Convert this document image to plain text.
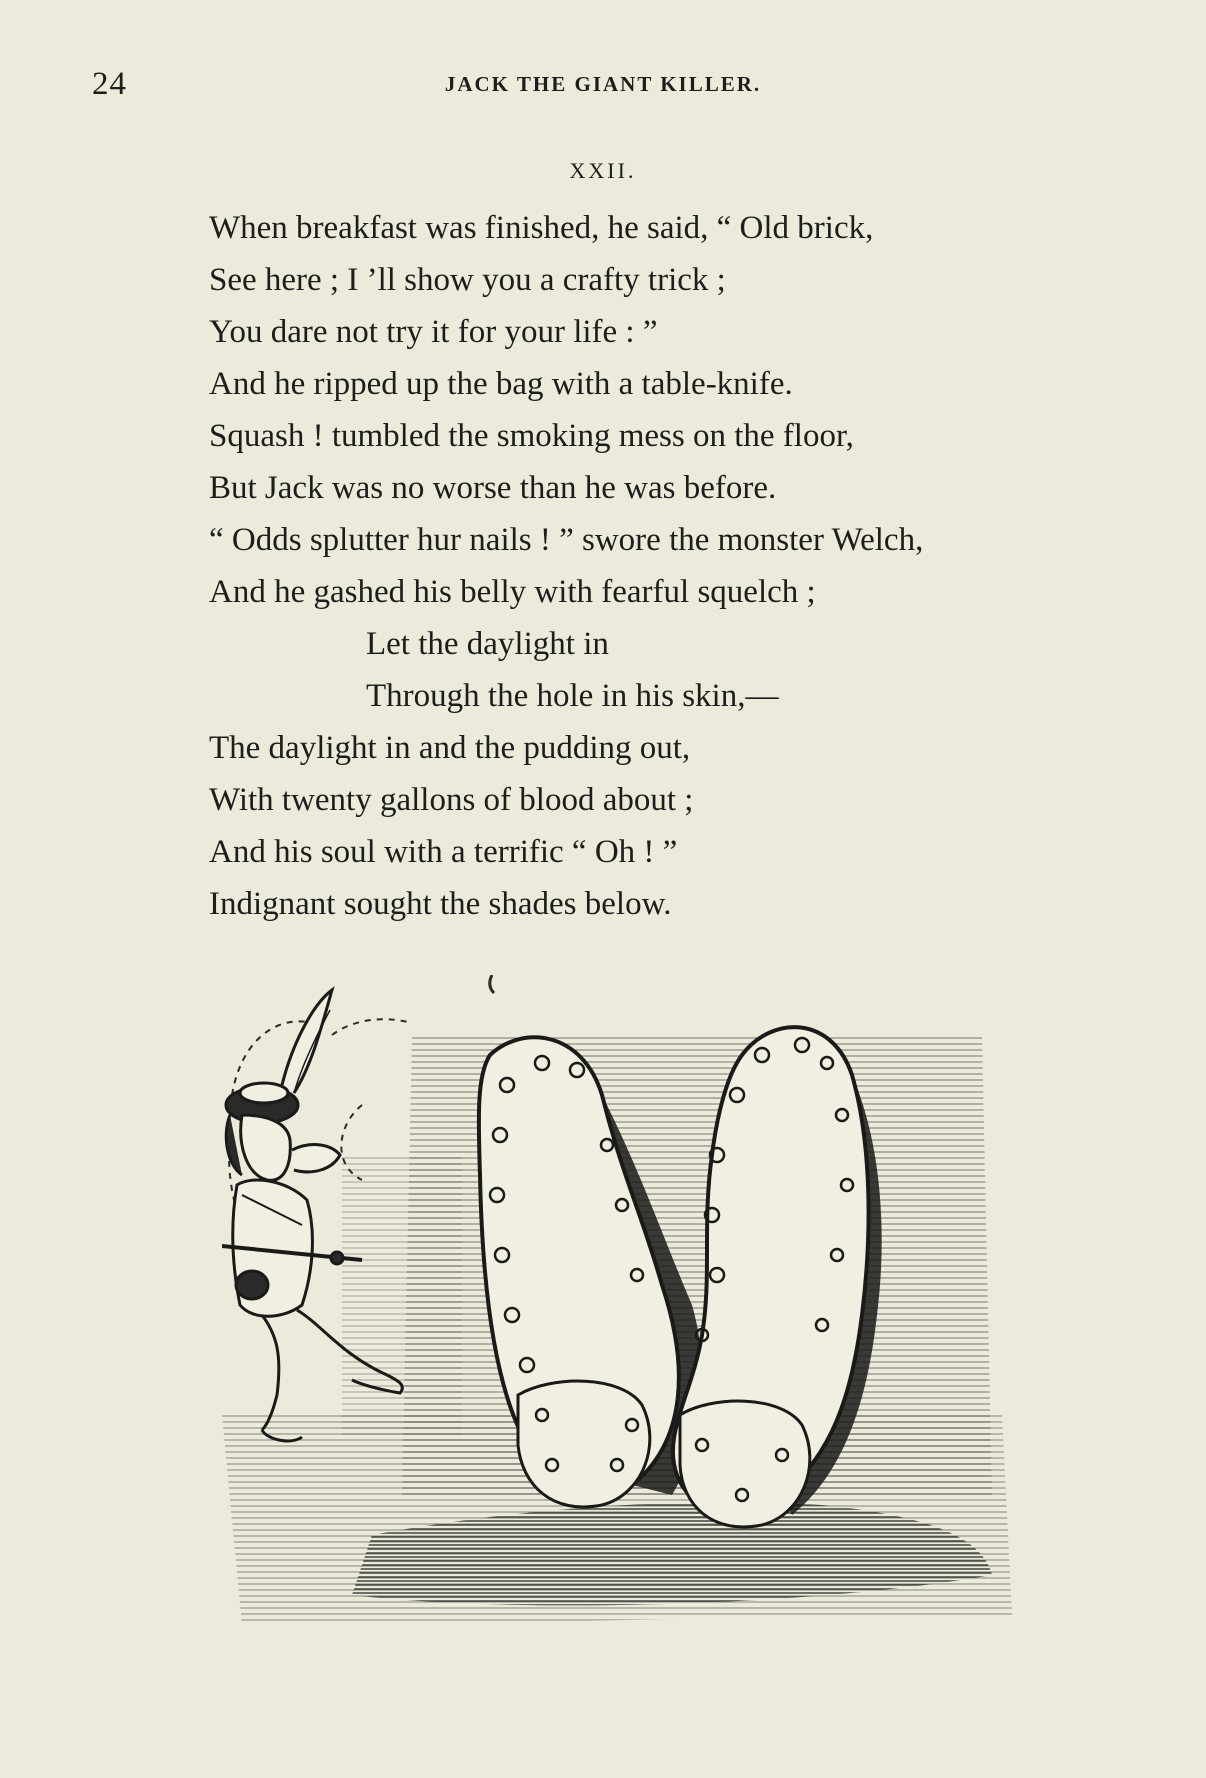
24	JACK THE GIANT KILLER.
XXII.
When breakfast was finished, he said, “ Old brick,
See here ; I ’ll show you a crafty trick ;
You dare not try it for your life : ”
And he ripped up the bag with a table-knife.
Squash ! tumbled the smoking mess on the floor,
But Jack was no worse than he was before.
“ Odds splutter hur nails ! ” swore the monster Welch,
And he gashed his belly with fearful squelch ;
Let the daylight in
Through the hole in his skin,—
The daylight in and the pudding out,
With twenty gallons of blood about ;
And his soul with a terrific “ Oh ! ”
Indignant sought the shades below.
